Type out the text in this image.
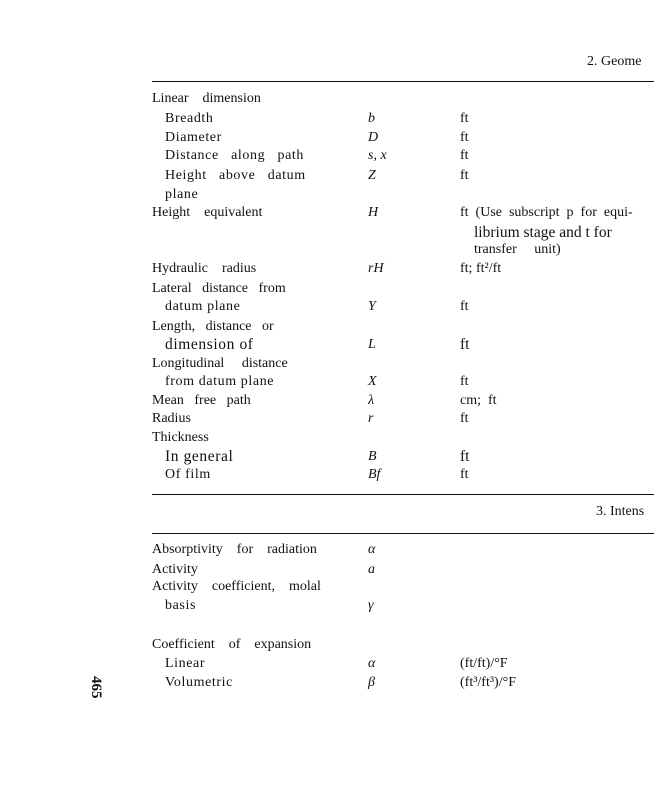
2. Geome
Linear    dimension
Breadth	b	ft
Diameter	D	ft
Distance   along   path	s, x	ft
Height   above   datum	Z	ft
plane
Height    equivalent	H	ft  (Use  subscript  p  for  equi-
librium stage and t for
transfer     unit)
Hydraulic    radius	rH	ft; ft²/ft
Lateral   distance   from
datum plane	Y	ft
Length,   distance   or
dimension of	L	ft
Longitudinal     distance
from datum plane	X	ft
Mean   free   path	λ	cm;  ft
Radius	r	ft
Thickness
In general	B	ft
Of film	Bf	ft
3. Intens
Absorptivity    for    radiation	α
Activity	a
Activity    coefficient,    molal
basis	γ
Coefficient    of    expansion
Linear	α	(ft/ft)/°F
Volumetric	β	(ft³/ft³)/°F
465
